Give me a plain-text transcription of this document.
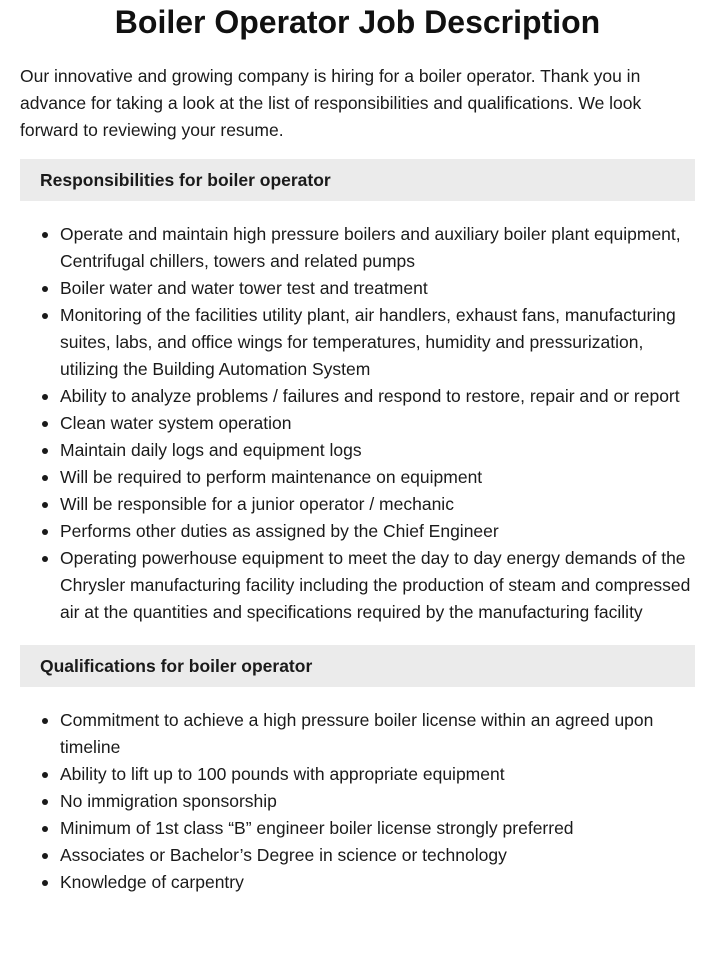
Boiler Operator Job Description

Our innovative and growing company is hiring for a boiler operator. Thank you in advance for taking a look at the list of responsibilities and qualifications. We look forward to reviewing your resume.

Responsibilities for boiler operator
Operate and maintain high pressure boilers and auxiliary boiler plant equipment, Centrifugal chillers, towers and related pumps
Boiler water and water tower test and treatment
Monitoring of the facilities utility plant, air handlers, exhaust fans, manufacturing suites, labs, and office wings for temperatures, humidity and pressurization, utilizing the Building Automation System
Ability to analyze problems / failures and respond to restore, repair and or report
Clean water system operation
Maintain daily logs and equipment logs
Will be required to perform maintenance on equipment
Will be responsible for a junior operator / mechanic
Performs other duties as assigned by the Chief Engineer
Operating powerhouse equipment to meet the day to day energy demands of the Chrysler manufacturing facility including the production of steam and compressed air at the quantities and specifications required by the manufacturing facility
Qualifications for boiler operator
Commitment to achieve a high pressure boiler license within an agreed upon timeline
Ability to lift up to 100 pounds with appropriate equipment
No immigration sponsorship
Minimum of 1st class “B” engineer boiler license strongly preferred
Associates or Bachelor’s Degree in science or technology
Knowledge of carpentry
